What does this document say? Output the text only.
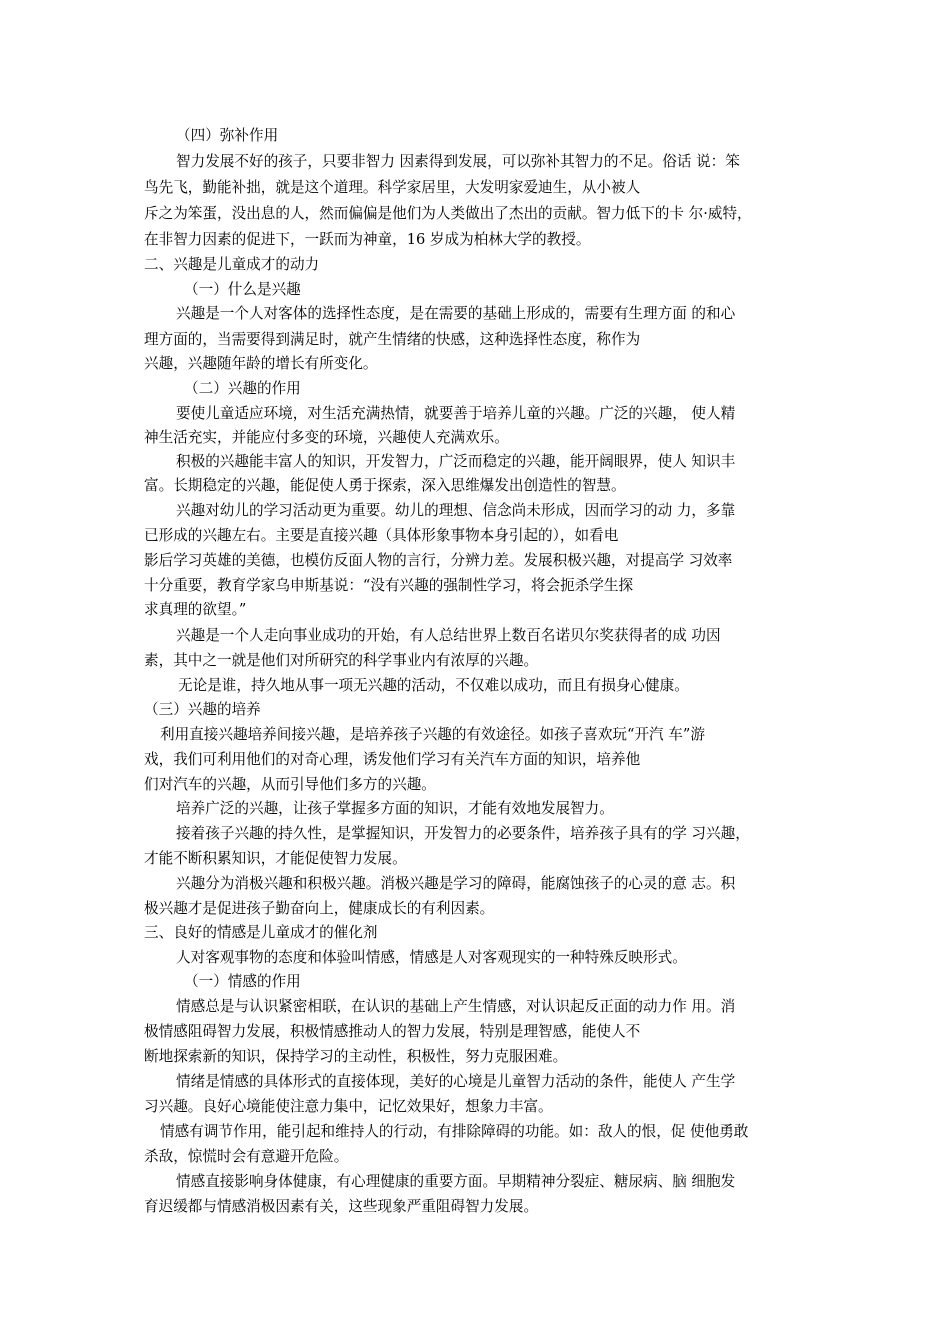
（四）弥补作用

智力发展不好的孩子，只要非智力 因素得到发展，可以弥补其智力的不足。俗话 说：笨

鸟先飞，勤能补拙，就是这个道理。科学家居里，大发明家爱迪生，从小被人

斥之为笨蛋，没出息的人，然而偏偏是他们为人类做出了杰出的贡献。智力低下的卡 尔·威特，

在非智力因素的促进下，一跃而为神童，16 岁成为柏林大学的教授。

二、兴趣是儿童成才的动力

（一）什么是兴趣

兴趣是一个人对客体的选择性态度，是在需要的基础上形成的，需要有生理方面 的和心

理方面的，当需要得到满足时，就产生情绪的快感，这种选择性态度，称作为

兴趣，兴趣随年龄的增长有所变化。

（二）兴趣的作用

要使儿童适应环境，对生活充满热情，就要善于培养儿童的兴趣。广泛的兴趣， 使人精

神生活充实，并能应付多变的环境，兴趣使人充满欢乐。

积极的兴趣能丰富人的知识，开发智力，广泛而稳定的兴趣，能开阔眼界，使人 知识丰

富。长期稳定的兴趣，能促使人勇于探索，深入思维爆发出创造性的智慧。

兴趣对幼儿的学习活动更为重要。幼儿的理想、信念尚未形成，因而学习的动 力，多靠

已形成的兴趣左右。主要是直接兴趣（具体形象事物本身引起的），如看电

影后学习英雄的美德，也模仿反面人物的言行，分辨力差。发展积极兴趣，对提高学 习效率

十分重要，教育学家乌申斯基说：“没有兴趣的强制性学习，将会扼杀学生探

求真理的欲望。”

兴趣是一个人走向事业成功的开始，有人总结世界上数百名诺贝尔奖获得者的成 功因

素，其中之一就是他们对所研究的科学事业内有浓厚的兴趣。

无论是谁，持久地从事一项无兴趣的活动，不仅难以成功，而且有损身心健康。

（三）兴趣的培养

利用直接兴趣培养间接兴趣，是培养孩子兴趣的有效途径。如孩子喜欢玩“开汽 车”游

戏，我们可利用他们的对奇心理，诱发他们学习有关汽车方面的知识，培养他

们对汽车的兴趣，从而引导他们多方的兴趣。

培养广泛的兴趣，让孩子掌握多方面的知识，才能有效地发展智力。

接着孩子兴趣的持久性，是掌握知识，开发智力的必要条件，培养孩子具有的学 习兴趣，

才能不断积累知识，才能促使智力发展。

兴趣分为消极兴趣和积极兴趣。消极兴趣是学习的障碍，能腐蚀孩子的心灵的意 志。积

极兴趣才是促进孩子勤奋向上，健康成长的有利因素。

三、良好的情感是儿童成才的催化剂

人对客观事物的态度和体验叫情感，情感是人对客观现实的一种特殊反映形式。

（一）情感的作用

情感总是与认识紧密相联，在认识的基础上产生情感，对认识起反正面的动力作 用。消

极情感阻碍智力发展，积极情感推动人的智力发展，特别是理智感，能使人不

断地探索新的知识，保持学习的主动性，积极性，努力克服困难。

情绪是情感的具体形式的直接体现，美好的心境是儿童智力活动的条件，能使人 产生学

习兴趣。良好心境能使注意力集中，记忆效果好，想象力丰富。

情感有调节作用，能引起和维持人的行动，有排除障碍的功能。如：敌人的恨，促 使他勇敢

杀敌，惊慌时会有意避开危险。

情感直接影响身体健康，有心理健康的重要方面。早期精神分裂症、糖尿病、脑 细胞发

育迟缓都与情感消极因素有关，这些现象严重阻碍智力发展。
